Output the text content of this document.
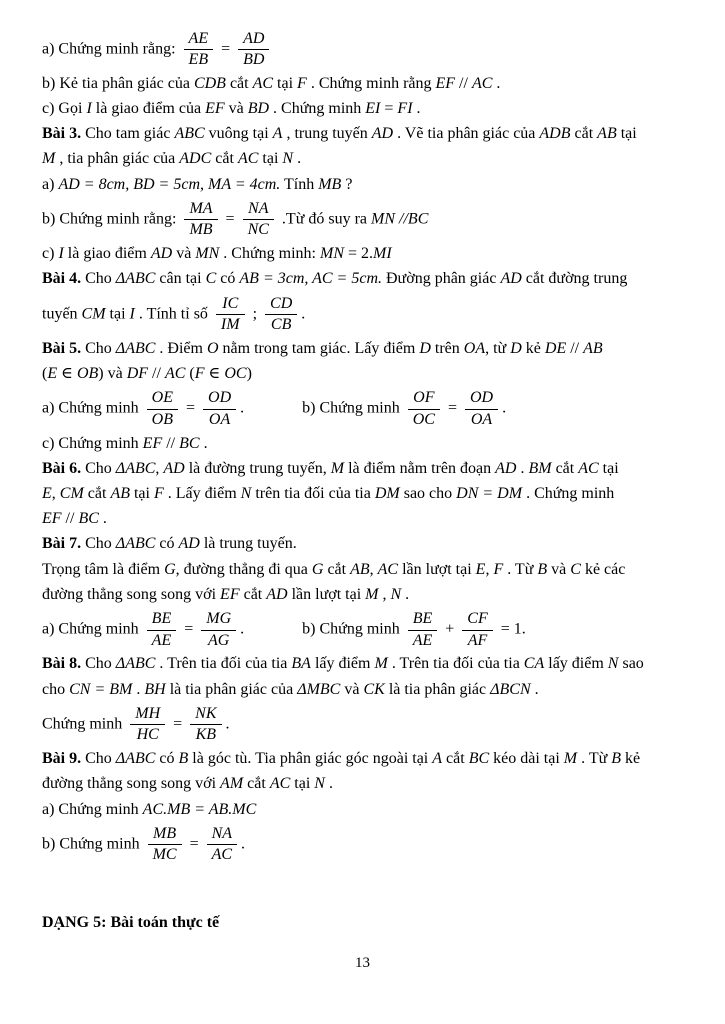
a) Chứng minh rằng: $\frac{AE}{EB} = \frac{AD}{BD}$
b) Kẻ tia phân giác của CDB cắt AC tại F . Chứng minh rằng EF // AC .
c) Gọi I là giao điểm của EF và BD . Chứng minh EI = FI .
Bài 3. Cho tam giác ABC vuông tại A , trung tuyến AD . Vẽ tia phân giác của ADB cắt AB tại
M , tia phân giác của ADC cắt AC tại N .
a) AD = 8cm, BD = 5cm, MA = 4cm. Tính MB ?
b) Chứng minh rằng: $\frac{MA}{MB} = \frac{NA}{NC}$ .Từ đó suy ra MN //BC
c) I là giao điểm AD và MN . Chứng minh: MN = 2.MI
Bài 4. Cho ΔABC cân tại C có AB = 3cm, AC = 5cm. Đường phân giác AD cắt đường trung
tuyến CM tại I . Tính tỉ số $\frac{IC}{IM}$ ; $\frac{CD}{CB}$ .
Bài 5. Cho ΔABC . Điểm O nằm trong tam giác. Lấy điểm D trên OA, từ D kẻ DE // AB
(E ∈ OB) và DF // AC (F ∈ OC)
a) Chứng minh $\frac{OE}{OB} = \frac{OD}{OA}$ .	b) Chứng minh $\frac{OF}{OC} = \frac{OD}{OA}$ .
c) Chứng minh EF // BC .
Bài 6. Cho ΔABC, AD là đường trung tuyến, M là điểm nằm trên đoạn AD . BM cắt AC tại
E, CM cắt AB tại F . Lấy điểm N trên tia đối của tia DM sao cho DN = DM . Chứng minh
EF // BC .
Bài 7. Cho ΔABC có AD là trung tuyến.
Trọng tâm là điểm G, đường thẳng đi qua G cắt AB, AC lần lượt tại E, F . Từ B và C kẻ các
đường thẳng song song với EF cắt AD lần lượt tại M , N .
a) Chứng minh $\frac{BE}{AE} = \frac{MG}{AG}$ .	b) Chứng minh $\frac{BE}{AE} + \frac{CF}{AF} = 1$.
Bài 8. Cho ΔABC . Trên tia đối của tia BA lấy điểm M . Trên tia đối của tia CA lấy điểm N sao
cho CN = BM . BH là tia phân giác của ΔMBC và CK là tia phân giác ΔBCN .
Chứng minh $\frac{MH}{HC} = \frac{NK}{KB}$ .
Bài 9. Cho ΔABC có B là góc tù. Tia phân giác góc ngoài tại A cắt BC kéo dài tại M . Từ B kẻ
đường thẳng song song với AM cắt AC tại N .
a) Chứng minh AC.MB = AB.MC
b) Chứng minh $\frac{MB}{MC} = \frac{NA}{AC}$ .
DẠNG 5: Bài toán thực tế
13
